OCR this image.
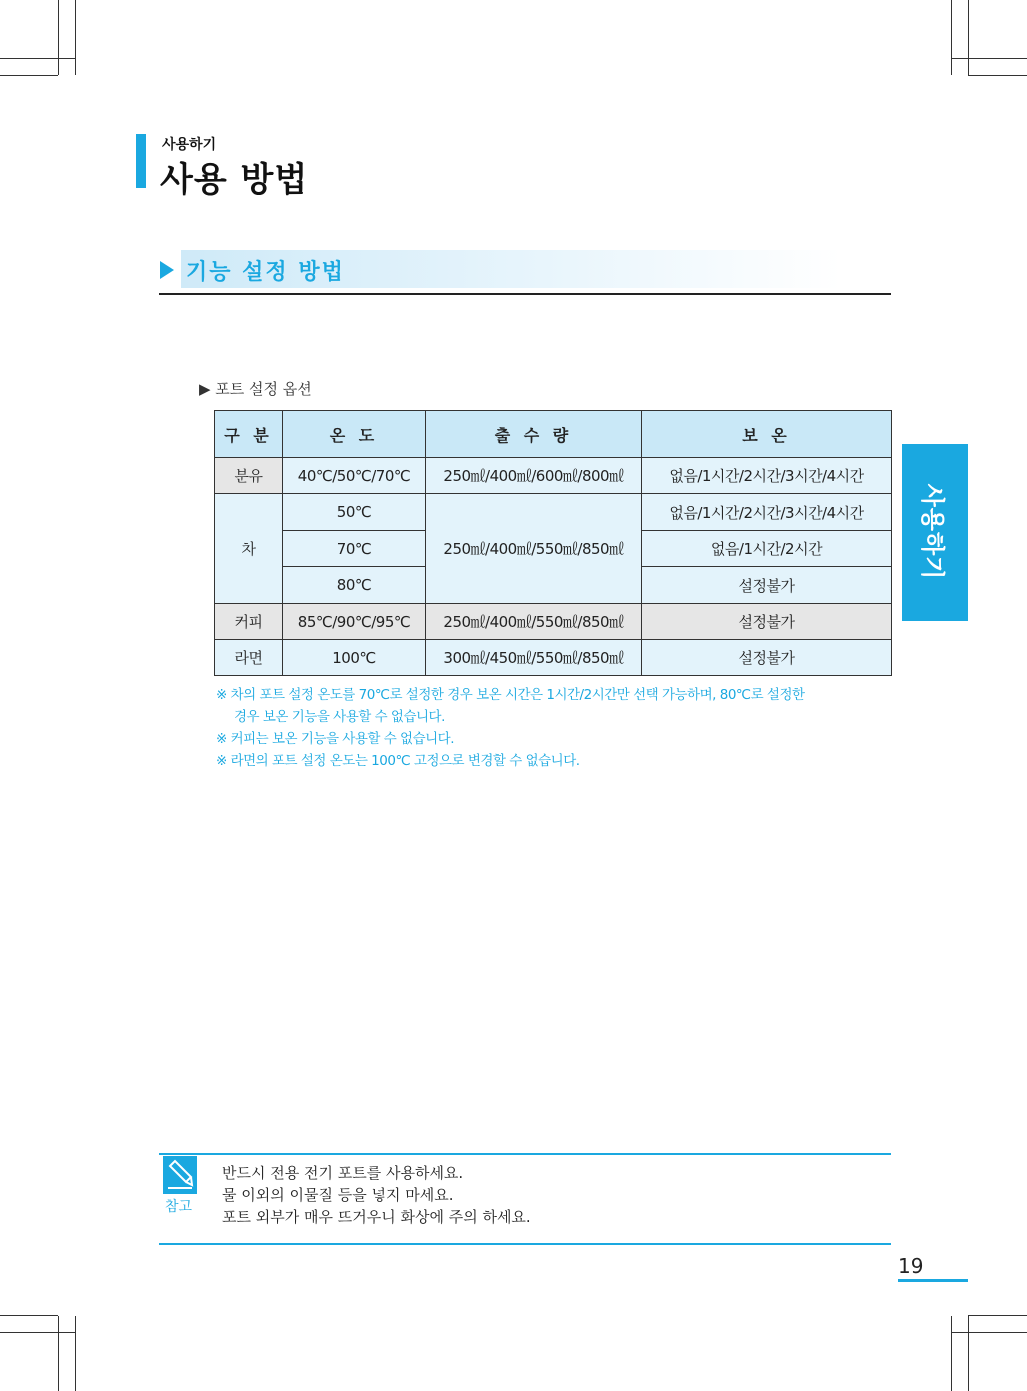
사용하기
사용 방법
기능 설정 방법
▶ 포트 설정 옵션
구 분	온 도	출 수 량	보 온
분유	40℃/50℃/70℃	250㎖/400㎖/600㎖/800㎖	없음/1시간/2시간/3시간/4시간
차	50℃	250㎖/400㎖/550㎖/850㎖	없음/1시간/2시간/3시간/4시간
	70℃		없음/1시간/2시간
	80℃		설정불가
커피	85℃/90℃/95℃	250㎖/400㎖/550㎖/850㎖	설정불가
라면	100℃	300㎖/450㎖/550㎖/850㎖	설정불가
※ 차의 포트 설정 온도를 70℃로 설정한 경우 보온 시간은 1시간/2시간만 선택 가능하며, 80℃로 설정한
경우 보온 기능을 사용할 수 없습니다.
※ 커피는 보온 기능을 사용할 수 없습니다.
※ 라면의 포트 설정 온도는 100℃ 고정으로 변경할 수 없습니다.
사용하기
참고
반드시 전용 전기 포트를 사용하세요.
물 이외의 이물질 등을 넣지 마세요.
포트 외부가 매우 뜨거우니 화상에 주의 하세요.
19
